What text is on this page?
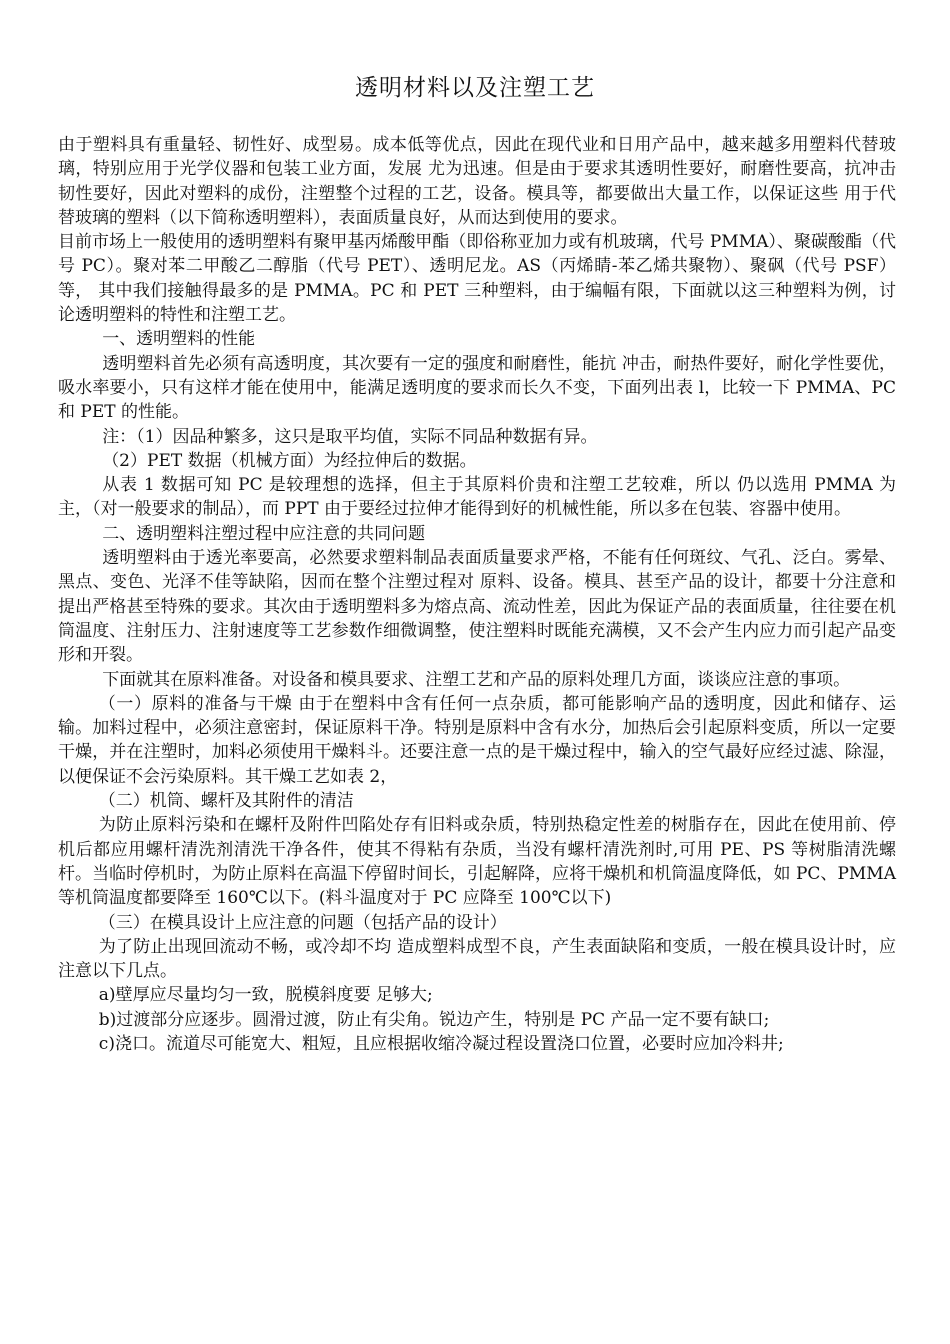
透明材料以及注塑工艺

由于塑料具有重量轻、韧性好、成型易。成本低等优点，因此在现代业和日用产品中，越来越多用塑料代替玻璃，特别应用于光学仪器和包装工业方面，发展 尤为迅速。但是由于要求其透明性要好，耐磨性要高，抗冲击韧性要好，因此对塑料的成份，注塑整个过程的工艺，设备。模具等，都要做出大量工作，以保证这些 用于代替玻璃的塑料（以下简称透明塑料），表面质量良好，从而达到使用的要求。

目前市场上一般使用的透明塑料有聚甲基丙烯酸甲酯（即俗称亚加力或有机玻璃，代号 PMMA）、聚碳酸酯（代号 PC）。聚对苯二甲酸乙二醇脂（代号 PET）、透明尼龙。AS（丙烯睛-苯乙烯共聚物）、聚砜（代号 PSF）等， 其中我们接触得最多的是 PMMA。PC 和 PET 三种塑料，由于编幅有限，下面就以这三种塑料为例，讨论透明塑料的特性和注塑工艺。

一、透明塑料的性能

透明塑料首先必须有高透明度，其次要有一定的强度和耐磨性，能抗 冲击，耐热件要好，耐化学性要优，吸水率要小，只有这样才能在使用中，能满足透明度的要求而长久不变，下面列出表 l，比较一下 PMMA、PC 和 PET 的性能。

注：（1）因品种繁多，这只是取平均值，实际不同品种数据有异。

（2）PET 数据（机械方面）为经拉伸后的数据。

从表 1 数据可知 PC 是较理想的选择，但主于其原料价贵和注塑工艺较难，所以 仍以选用 PMMA 为主，（对一般要求的制品），而 PPT 由于要经过拉伸才能得到好的机械性能，所以多在包装、容器中使用。

二、透明塑料注塑过程中应注意的共同问题

透明塑料由于透光率要高，必然要求塑料制品表面质量要求严格，不能有任何斑纹、气孔、泛白。雾晕、黑点、变色、光泽不佳等缺陷，因而在整个注塑过程对 原料、设备。模具、甚至产品的设计，都要十分注意和提出严格甚至特殊的要求。其次由于透明塑料多为熔点高、流动性差，因此为保证产品的表面质量，往往要在机筒温度、注射压力、注射速度等工艺参数作细微调整，使注塑料时既能充满模，又不会产生内应力而引起产品变形和开裂。

下面就其在原料准备。对设备和模具要求、注塑工艺和产品的原料处理几方面，谈谈应注意的事项。

（一）原料的准备与干燥 由于在塑料中含有任何一点杂质，都可能影响产品的透明度，因此和储存、运输。加料过程中，必须注意密封，保证原料干净。特别是原料中含有水分，加热后会引起原料变质，所以一定要干燥，并在注塑时，加料必须使用干燥料斗。还要注意一点的是干燥过程中，输入的空气最好应经过滤、除湿，以便保证不会污染原料。其干燥工艺如表 2，

（二）机筒、螺杆及其附件的清洁

为防止原料污染和在螺杆及附件凹陷处存有旧料或杂质，特别热稳定性差的树脂存在，因此在使用前、停机后都应用螺杆清洗剂清洗干净各件，使其不得粘有杂质，当没有螺杆清洗剂时,可用 PE、PS 等树脂清洗螺杆。当临时停机时，为防止原料在高温下停留时间长，引起解降，应将干燥机和机筒温度降低，如 PC、PMMA 等机筒温度都要降至 160℃以下。(料斗温度对于 PC 应降至 100℃以下)

（三）在模具设计上应注意的问题（包括产品的设计）

为了防止出现回流动不畅，或冷却不均 造成塑料成型不良，产生表面缺陷和变质，一般在模具设计时，应注意以下几点。

a)壁厚应尽量均匀一致，脱模斜度要 足够大;

b)过渡部分应逐步。圆滑过渡，防止有尖角。锐边产生，特别是 PC 产品一定不要有缺口;

c)浇口。流道尽可能宽大、粗短，且应根据收缩冷凝过程设置浇口位置，必要时应加冷料井;
